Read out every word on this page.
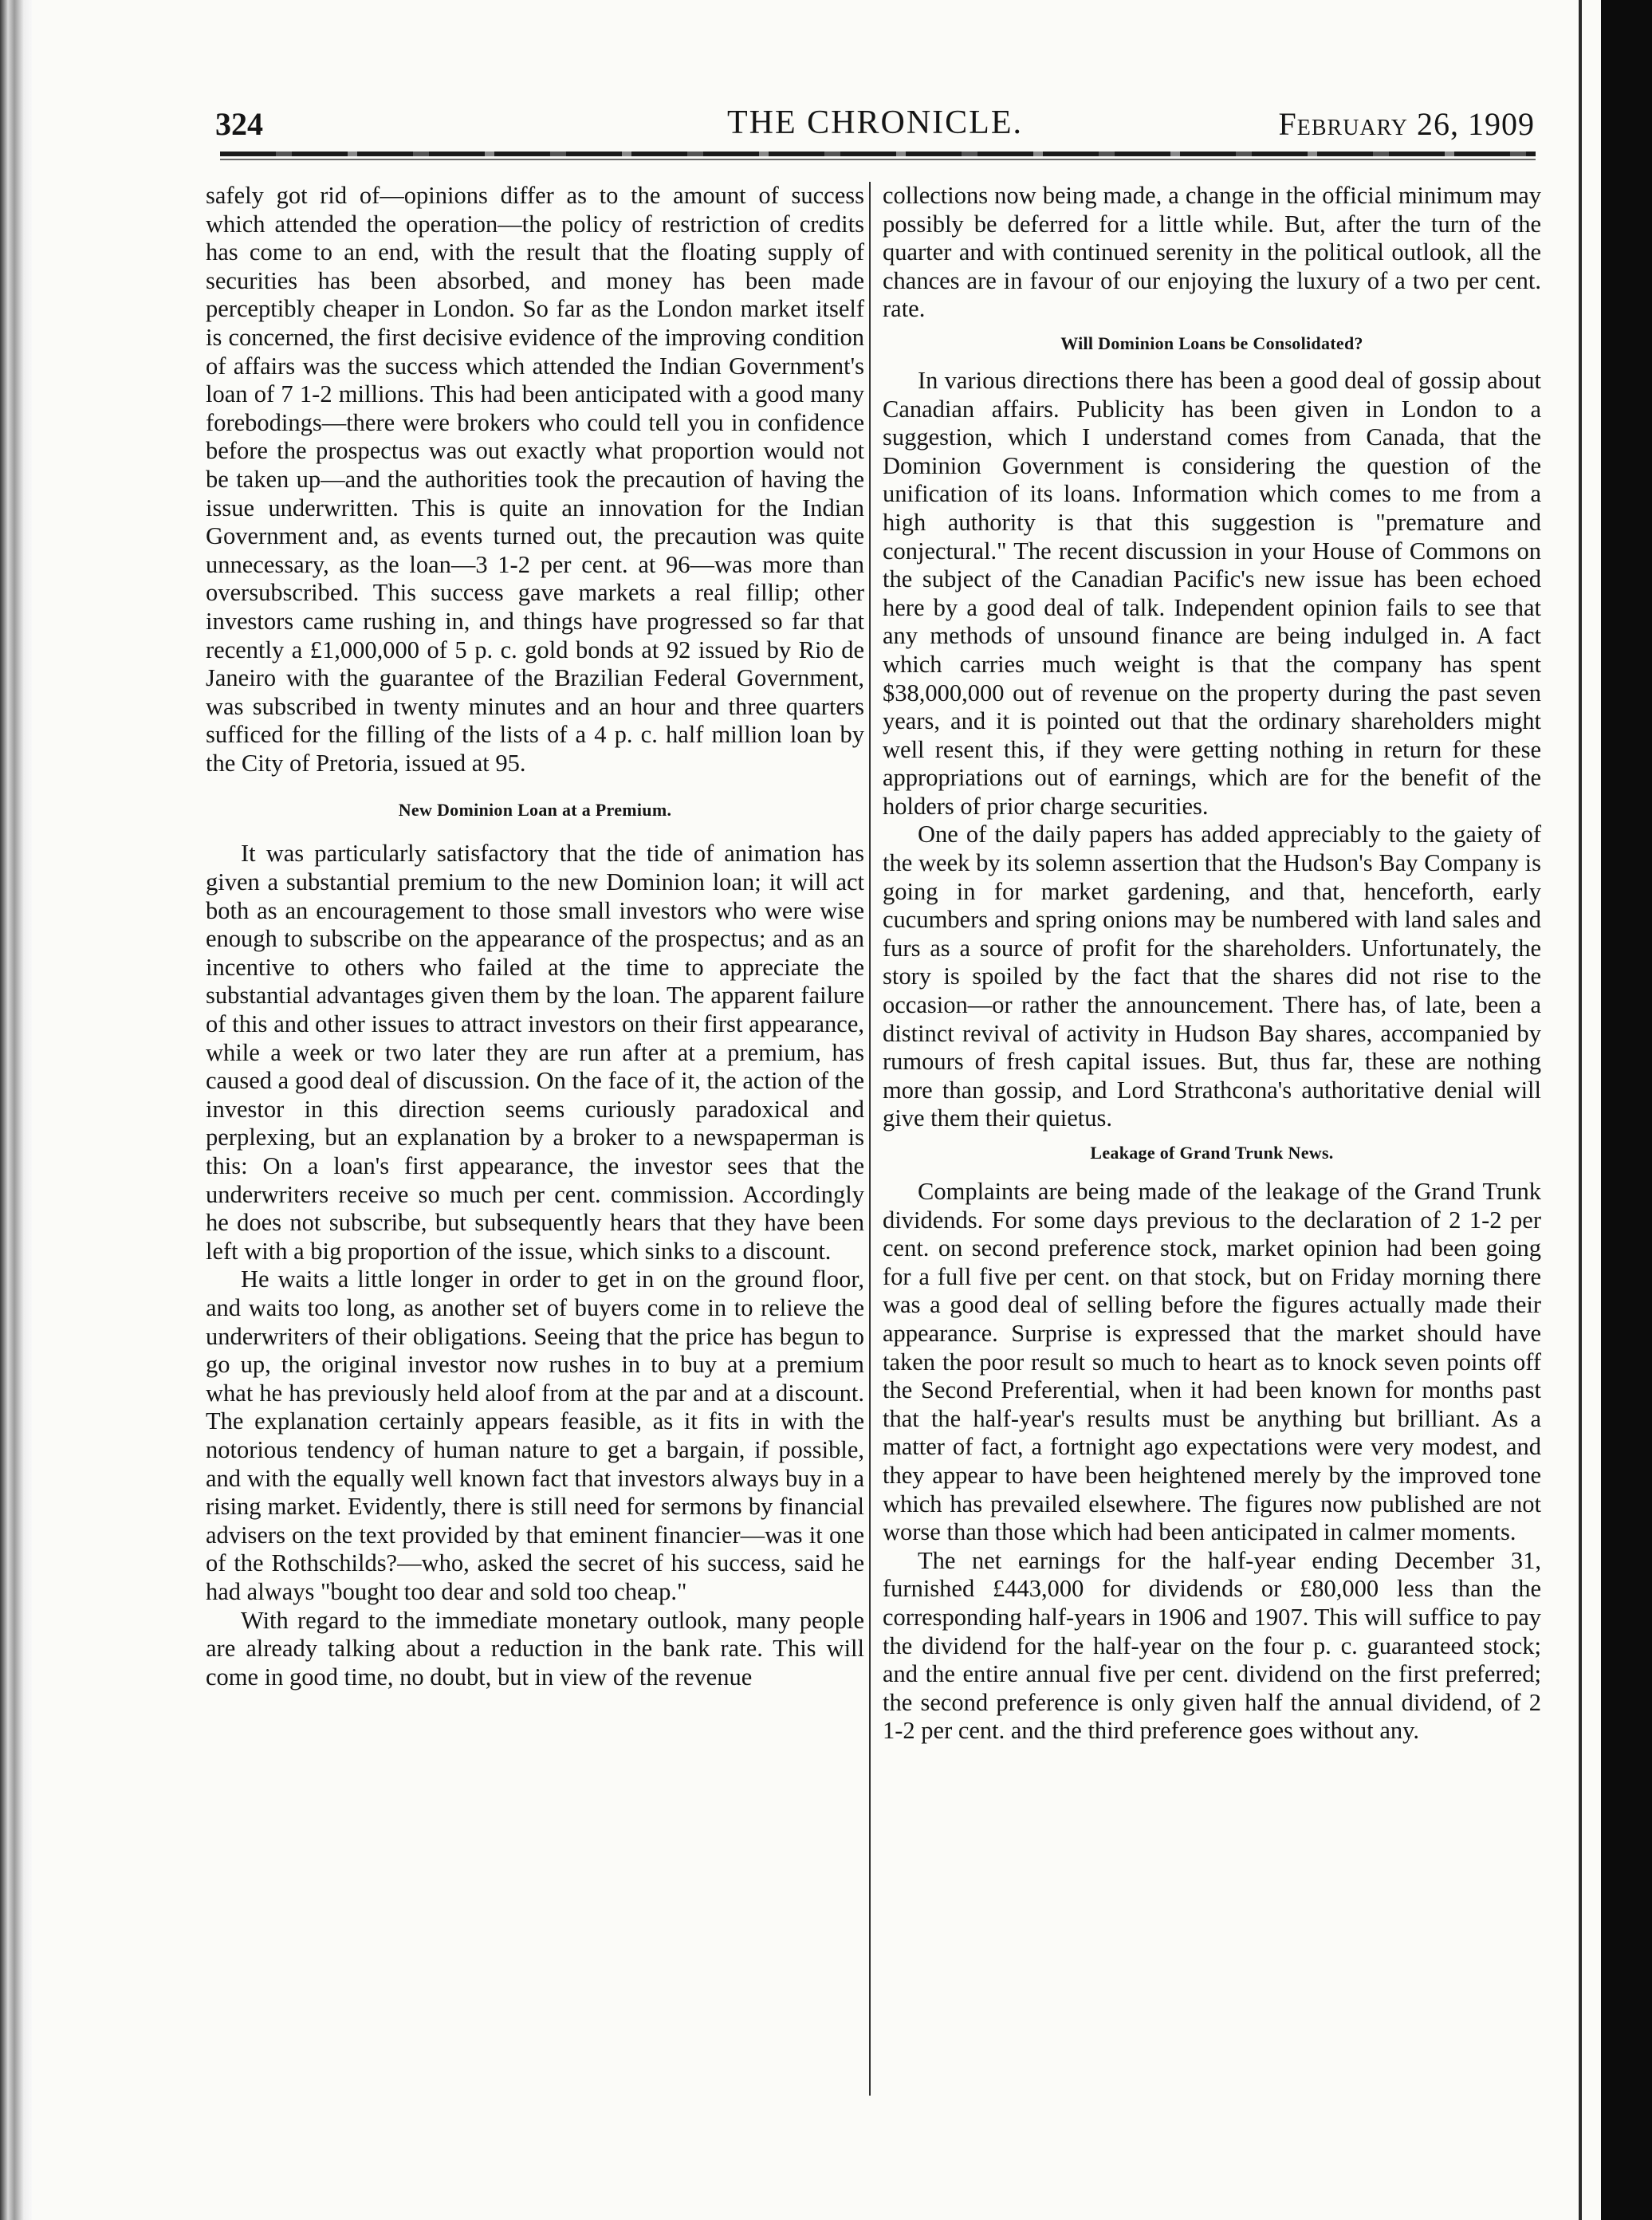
324	THE CHRONICLE.	February 26, 1909

safely got rid of—opinions differ as to the amount of success which attended the operation—the policy of restriction of credits has come to an end, with the result that the floating supply of securities has been absorbed, and money has been made perceptibly cheaper in London. So far as the London market itself is concerned, the first decisive evidence of the improving condition of affairs was the success which attended the Indian Government's loan of 7 1-2 millions. This had been anticipated with a good many forebodings—there were brokers who could tell you in confidence before the prospectus was out exactly what proportion would not be taken up—and the authorities took the precaution of having the issue underwritten. This is quite an innovation for the Indian Government and, as events turned out, the precaution was quite unnecessary, as the loan—3 1-2 per cent. at 96—was more than oversubscribed. This success gave markets a real fillip; other investors came rushing in, and things have progressed so far that recently a £1,000,000 of 5 p. c. gold bonds at 92 issued by Rio de Janeiro with the guarantee of the Brazilian Federal Government, was subscribed in twenty minutes and an hour and three quarters sufficed for the filling of the lists of a 4 p. c. half million loan by the City of Pretoria, issued at 95.

New Dominion Loan at a Premium.

It was particularly satisfactory that the tide of animation has given a substantial premium to the new Dominion loan; it will act both as an encouragement to those small investors who were wise enough to subscribe on the appearance of the prospectus; and as an incentive to others who failed at the time to appreciate the substantial advantages given them by the loan. The apparent failure of this and other issues to attract investors on their first appearance, while a week or two later they are run after at a premium, has caused a good deal of discussion. On the face of it, the action of the investor in this direction seems curiously paradoxical and perplexing, but an explanation by a broker to a newspaperman is this: On a loan's first appearance, the investor sees that the underwriters receive so much per cent. commission. Accordingly he does not subscribe, but subsequently hears that they have been left with a big proportion of the issue, which sinks to a discount.

He waits a little longer in order to get in on the ground floor, and waits too long, as another set of buyers come in to relieve the underwriters of their obligations. Seeing that the price has begun to go up, the original investor now rushes in to buy at a premium what he has previously held aloof from at the par and at a discount. The explanation certainly appears feasible, as it fits in with the notorious tendency of human nature to get a bargain, if possible, and with the equally well known fact that investors always buy in a rising market. Evidently, there is still need for sermons by financial advisers on the text provided by that eminent financier—was it one of the Rothschilds?—who, asked the secret of his success, said he had always "bought too dear and sold too cheap."

With regard to the immediate monetary outlook, many people are already talking about a reduction in the bank rate. This will come in good time, no doubt, but in view of the revenue

collections now being made, a change in the official minimum may possibly be deferred for a little while. But, after the turn of the quarter and with continued serenity in the political outlook, all the chances are in favour of our enjoying the luxury of a two per cent. rate.

Will Dominion Loans be Consolidated?

In various directions there has been a good deal of gossip about Canadian affairs. Publicity has been given in London to a suggestion, which I understand comes from Canada, that the Dominion Government is considering the question of the unification of its loans. Information which comes to me from a high authority is that this suggestion is "premature and conjectural." The recent discussion in your House of Commons on the subject of the Canadian Pacific's new issue has been echoed here by a good deal of talk. Independent opinion fails to see that any methods of unsound finance are being indulged in. A fact which carries much weight is that the company has spent $38,000,000 out of revenue on the property during the past seven years, and it is pointed out that the ordinary shareholders might well resent this, if they were getting nothing in return for these appropriations out of earnings, which are for the benefit of the holders of prior charge securities.

One of the daily papers has added appreciably to the gaiety of the week by its solemn assertion that the Hudson's Bay Company is going in for market gardening, and that, henceforth, early cucumbers and spring onions may be numbered with land sales and furs as a source of profit for the shareholders. Unfortunately, the story is spoiled by the fact that the shares did not rise to the occasion—or rather the announcement. There has, of late, been a distinct revival of activity in Hudson Bay shares, accompanied by rumours of fresh capital issues. But, thus far, these are nothing more than gossip, and Lord Strathcona's authoritative denial will give them their quietus.

Leakage of Grand Trunk News.

Complaints are being made of the leakage of the Grand Trunk dividends. For some days previous to the declaration of 2 1-2 per cent. on second preference stock, market opinion had been going for a full five per cent. on that stock, but on Friday morning there was a good deal of selling before the figures actually made their appearance. Surprise is expressed that the market should have taken the poor result so much to heart as to knock seven points off the Second Preferential, when it had been known for months past that the half-year's results must be anything but brilliant. As a matter of fact, a fortnight ago expectations were very modest, and they appear to have been heightened merely by the improved tone which has prevailed elsewhere. The figures now published are not worse than those which had been anticipated in calmer moments.

The net earnings for the half-year ending December 31, furnished £443,000 for dividends or £80,000 less than the corresponding half-years in 1906 and 1907. This will suffice to pay the dividend for the half-year on the four p. c. guaranteed stock; and the entire annual five per cent. dividend on the first preferred; the second preference is only given half the annual dividend, of 2 1-2 per cent. and the third preference goes without any.
